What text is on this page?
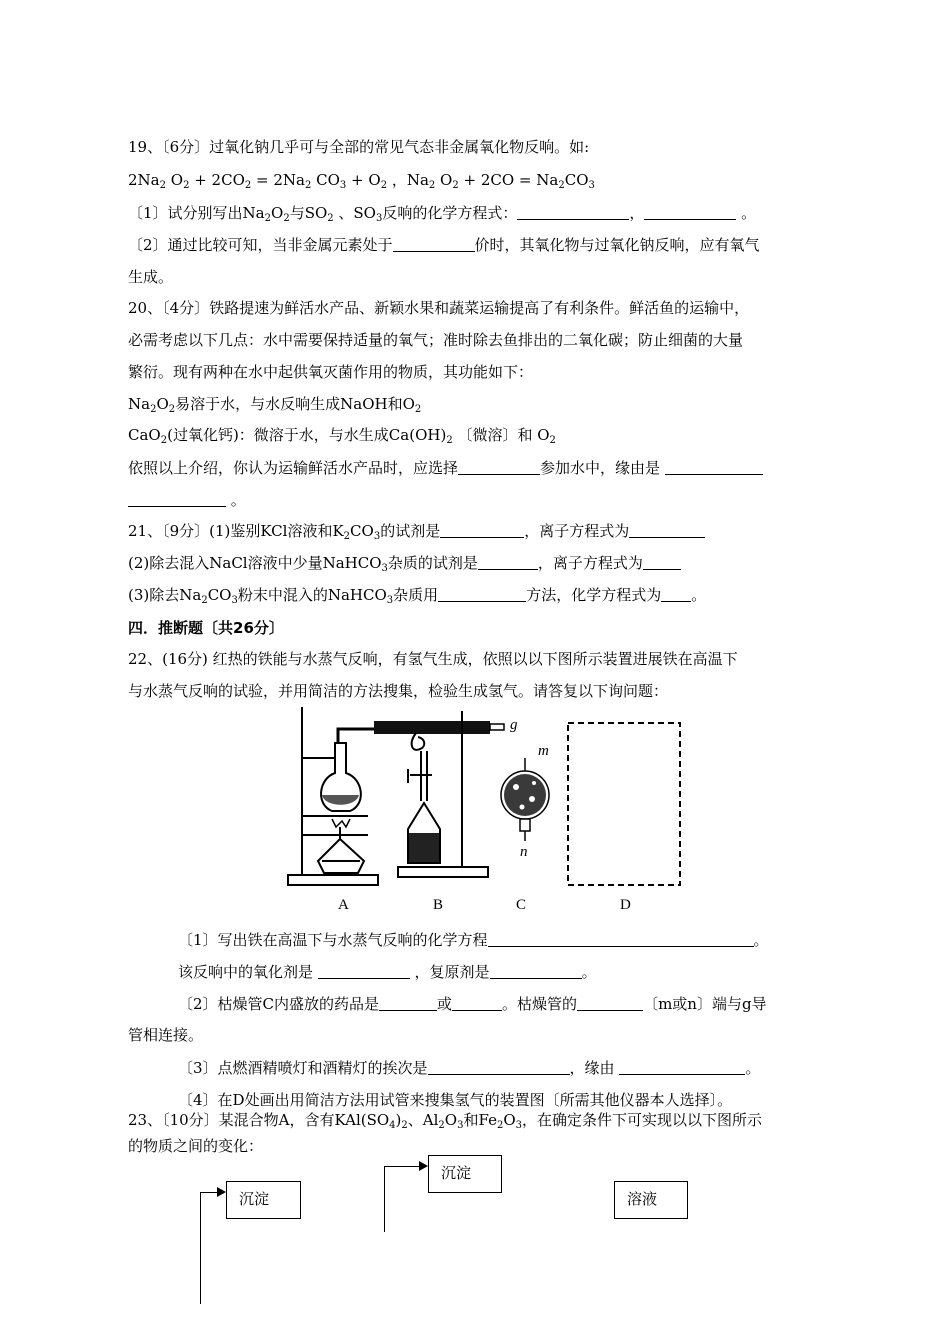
19、〔6分〕过氧化钠几乎可与全部的常见气态非金属氧化物反响。如:
$2Na_2$ $O_2 + 2CO_2 = 2Na_2$ $CO_3 + O_2$ ，$Na_2$ $O_2 + 2CO = Na_2CO_3$
〔1〕试分别写出$Na_2O_2$与$SO_2$ 、$SO_3$反响的化学方程式：	，	。
〔2〕通过比较可知，当非金属元素处于	价时，其氧化物与过氧化钠反响，应有氧气
生成。
20、〔4分〕铁路提速为鲜活水产品、新颖水果和蔬菜运输提高了有利条件。鲜活鱼的运输中，
必需考虑以下几点：水中需要保持适量的氧气；准时除去鱼排出的二氧化碳；防止细菌的大量
繁衍。现有两种在水中起供氧灭菌作用的物质，其功能如下：
$Na_2O_2$易溶于水，与水反响生成NaOH和$O_2$
CaO$_2$(过氧化钙)：微溶于水，与水生成$Ca(OH)_2$ 〔微溶〕和 $O_2$
依照以上介绍，你认为运输鲜活水产品时，应选择	参加水中，缘由是
。
21、〔9分〕(1)鉴别KCl溶液和$K_2CO_3$的试剂是	，离子方程式为
(2)除去混入NaCl溶液中少量NaHCO$_3$杂质的试剂是	，离子方程式为
(3)除去$Na_2CO_3$粉末中混入的NaHCO$_3$杂质用	方法，化学方程式为 。
四．推断题〔共26分〕
22、(16分) 红热的铁能与水蒸气反响，有氢气生成，依照以以下图所示装置进展铁在高温下
与水蒸气反响的试验，并用简洁的方法搜集，检验生成氢气。请答复以下询问题：
g
m
n
A	B	C	D
〔1〕写出铁在高温下与水蒸气反响的化学方程	。
该反响中的氧化剂是	，复原剂是	。
〔2〕枯燥管C内盛放的药品是	或	。枯燥管的	〔m或n〕端与g导
管相连接。
〔3〕点燃酒精喷灯和酒精灯的挨次是	，缘由	。
〔4〕在D处画出用简洁方法用试管来搜集氢气的装置图〔所需其他仪器本人选择〕。
23、〔10分〕某混合物A，含有$KAl(SO_4)_2$、$Al_2O_3$和$Fe_2O_3$，在确定条件下可实现以以下图所示
的物质之间的变化：
沉淀
沉淀
溶液
